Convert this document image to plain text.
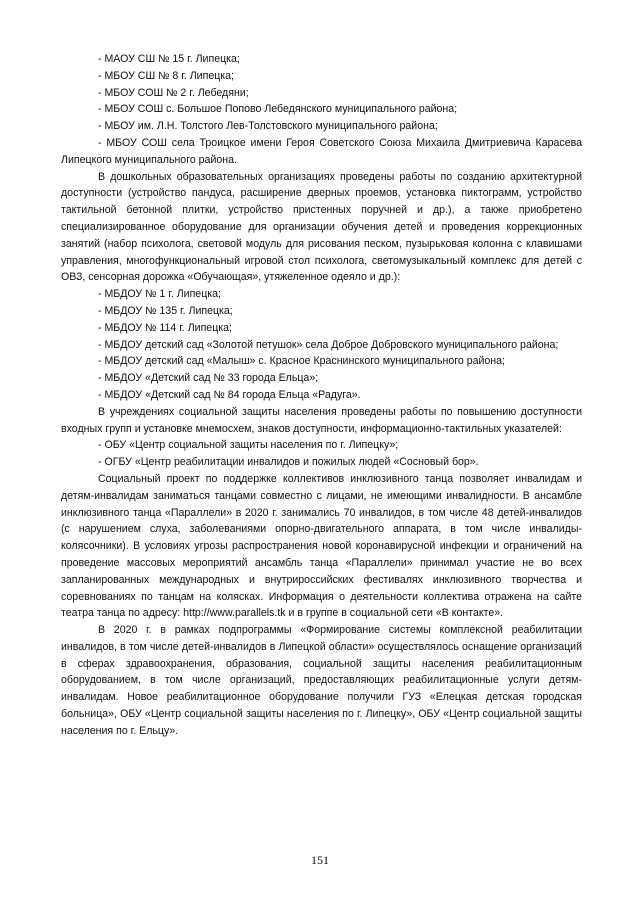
- МАОУ СШ № 15 г. Липецка;
- МБОУ СШ № 8 г. Липецка;
- МБОУ СОШ № 2 г. Лебедяни;
- МБОУ СОШ с. Большое Попово Лебедянского муниципального района;
- МБОУ им. Л.Н. Толстого Лев-Толстовского муниципального района;

- МБОУ СОШ села Троицкое имени Героя Советского Союза Михаила Дмитриевича Карасева Липецкого муниципального района.

В дошкольных образовательных организациях проведены работы по созданию архитектурной доступности (устройство пандуса, расширение дверных проемов, установка пиктограмм, устройство тактильной бетонной плитки, устройство пристенных поручней и др.), а также приобретено специализированное оборудование для организации обучения детей и проведения коррекционных занятий (набор психолога, световой модуль для рисования песком, пузырьковая колонна с клавишами управления, многофункциональный игровой стол психолога, светомузыкальный комплекс для детей с ОВЗ, сенсорная дорожка «Обучающая», утяжеленное одеяло и др.):

- МБДОУ № 1 г. Липецка;
- МБДОУ № 135 г. Липецка;
- МБДОУ № 114 г. Липецка;

- МБДОУ детский сад «Золотой петушок» села Доброе Добровского муниципального района;

- МБДОУ детский сад «Малыш» с. Красное Краснинского муниципального района;
- МБДОУ «Детский сад № 33 города Ельца»;
- МБДОУ «Детский сад № 84 города Ельца «Радуга».

В учреждениях социальной защиты населения проведены работы по повышению доступности входных групп и установке мнемосхем, знаков доступности, информационно-тактильных указателей:

- ОБУ «Центр социальной защиты населения по г. Липецку»;
- ОГБУ «Центр реабилитации инвалидов и пожилых людей «Сосновый бор».

Социальный проект по поддержке коллективов инклюзивного танца позволяет инвалидам и детям-инвалидам заниматься танцами совместно с лицами, не имеющими инвалидности. В ансамбле инклюзивного танца «Параллели» в 2020 г. занимались 70 инвалидов, в том числе 48 детей-инвалидов (с нарушением слуха, заболеваниями опорно-двигательного аппарата, в том числе инвалиды-колясочники). В условиях угрозы распространения новой коронавирусной инфекции и ограничений на проведение массовых мероприятий ансамбль танца «Параллели» принимал участие не во всех запланированных международных и внутрироссийских фестивалях инклюзивного творчества и соревнованиях по танцам на колясках. Информация о деятельности коллектива отражена на сайте театра танца по адресу: http://www.parallels.tk и в группе в социальной сети «В контакте».

В 2020 г. в рамках подпрограммы «Формирование системы комплексной реабилитации инвалидов, в том числе детей-инвалидов в Липецкой области» осуществлялось оснащение организаций в сферах здравоохранения, образования, социальной защиты населения реабилитационным оборудованием, в том числе организаций, предоставляющих реабилитационные услуги детям-инвалидам. Новое реабилитационное оборудование получили ГУЗ «Елецкая детская городская больница», ОБУ «Центр социальной защиты населения по г. Липецку», ОБУ «Центр социальной защиты населения по г. Ельцу».

151
